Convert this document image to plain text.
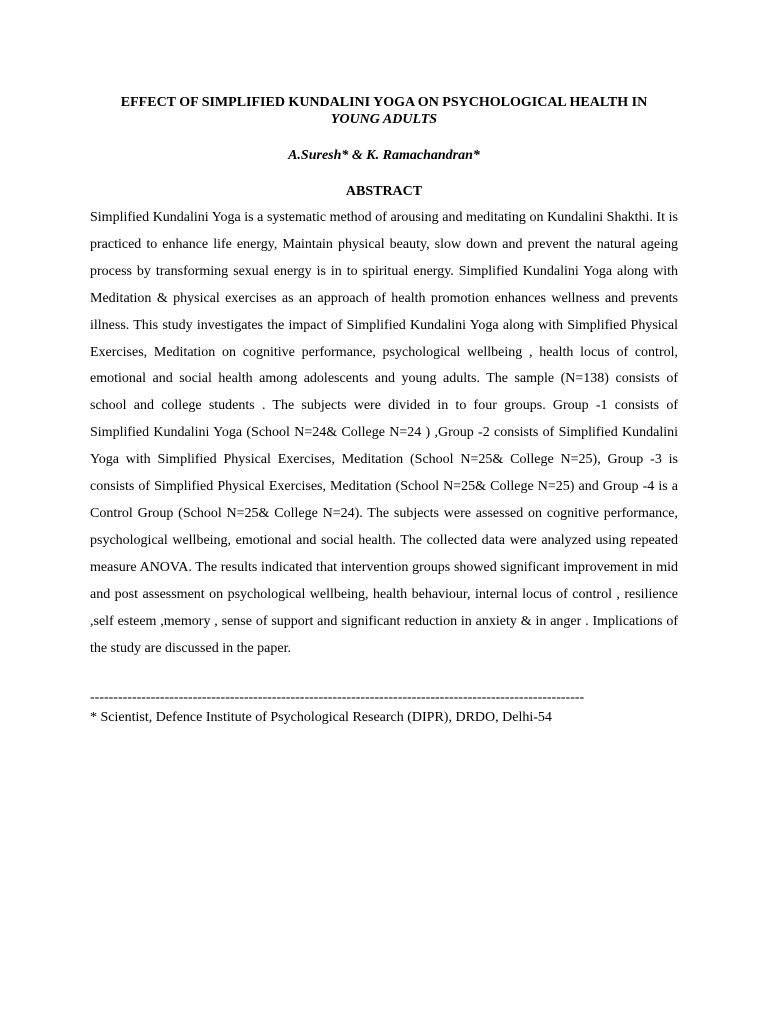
EFFECT OF SIMPLIFIED KUNDALINI YOGA ON PSYCHOLOGICAL HEALTH IN
YOUNG ADULTS
A.Suresh* & K. Ramachandran*
ABSTRACT

Simplified Kundalini Yoga is a systematic method of arousing and meditating on Kundalini Shakthi. It is practiced to enhance life energy, Maintain physical beauty, slow down and prevent the natural ageing process by transforming sexual energy is in to spiritual energy. Simplified Kundalini Yoga along with Meditation & physical exercises as an approach of health promotion enhances wellness and prevents illness. This study investigates the impact of Simplified Kundalini Yoga along with Simplified Physical Exercises, Meditation on cognitive performance, psychological wellbeing , health locus of control, emotional and social health among adolescents and young adults. The sample (N=138) consists of school and college students . The subjects were divided in to four groups. Group -1 consists of Simplified Kundalini Yoga (School N=24& College N=24 ) ,Group -2 consists of Simplified Kundalini Yoga with Simplified Physical Exercises, Meditation (School N=25& College N=25), Group -3 is consists of Simplified Physical Exercises, Meditation (School N=25& College N=25) and Group -4 is a Control Group (School N=25& College N=24). The subjects were assessed on cognitive performance, psychological wellbeing, emotional and social health. The collected data were analyzed using repeated measure ANOVA. The results indicated that intervention groups showed significant improvement in mid and post assessment on psychological wellbeing, health behaviour, internal locus of control , resilience ,self esteem ,memory , sense of support and significant reduction in anxiety & in anger . Implications of the study are discussed in the paper.

----------------------------------------------------------------------------------------------------------
* Scientist, Defence Institute of Psychological Research (DIPR), DRDO, Delhi-54
